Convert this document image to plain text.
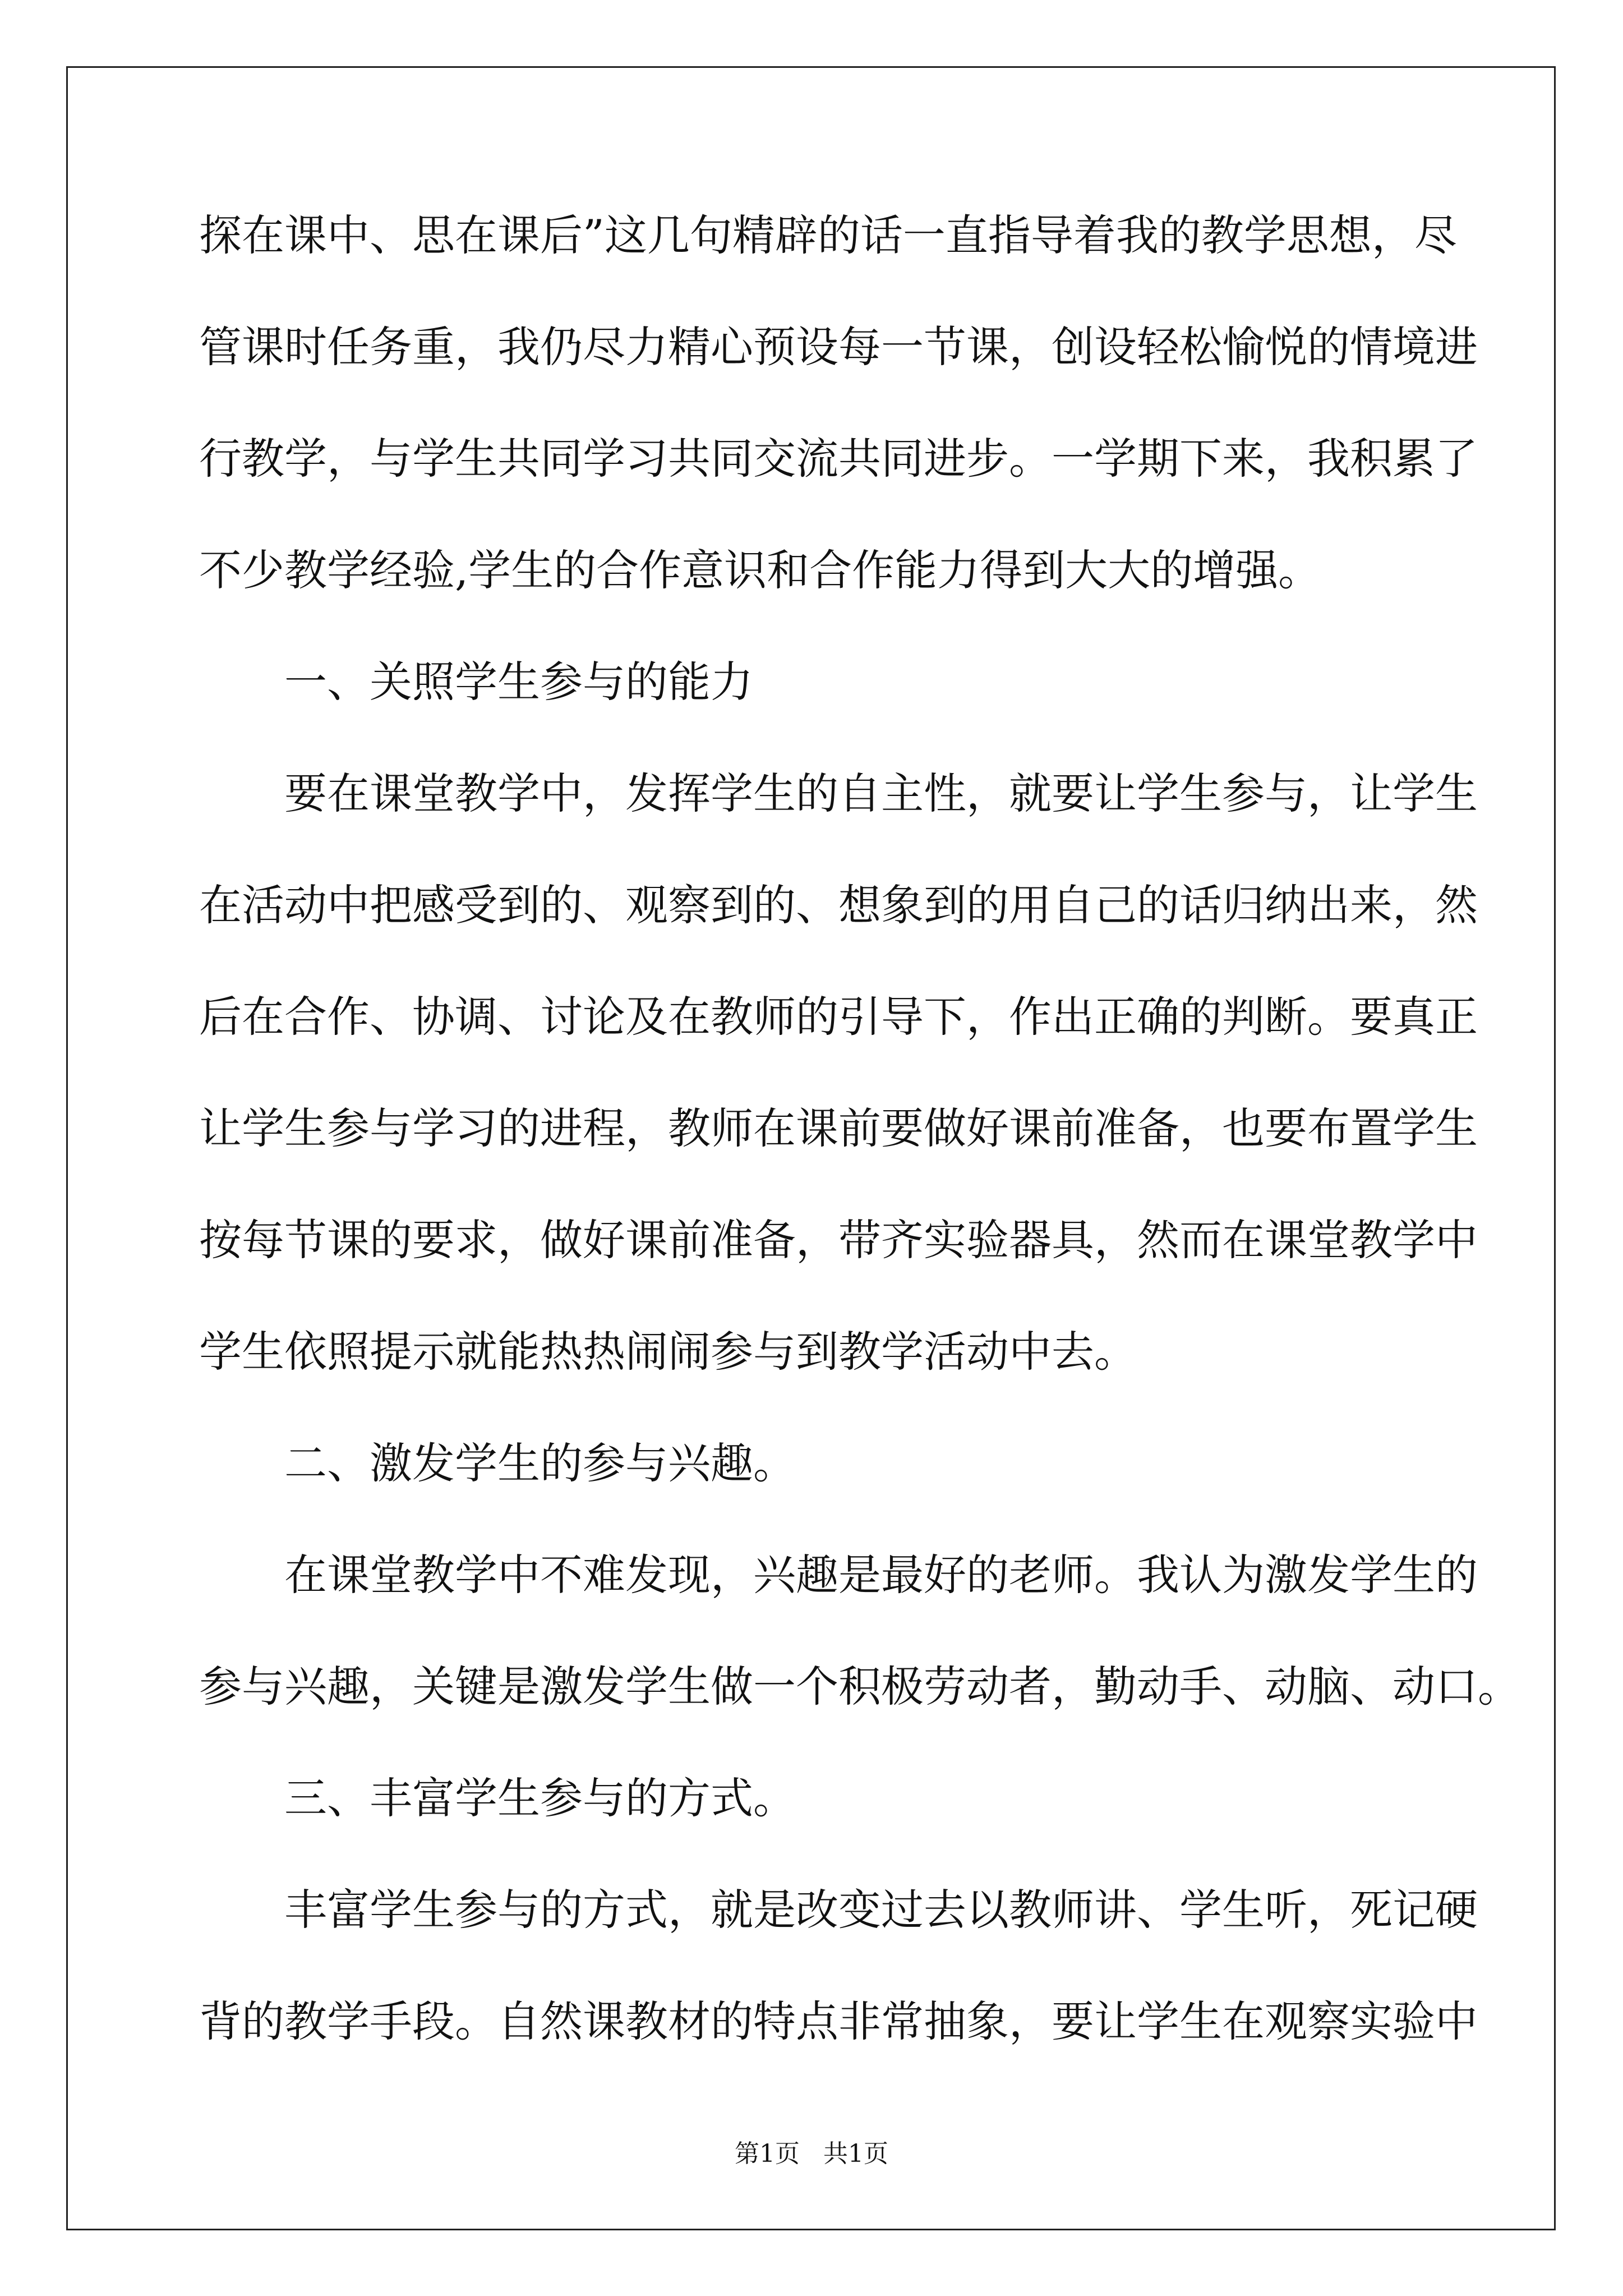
探在课中、思在课后”这几句精辟的话一直指导着我的教学思想，尽
管课时任务重，我仍尽力精心预设每一节课，创设轻松愉悦的情境进
行教学，与学生共同学习共同交流共同进步。一学期下来，我积累了
不少教学经验,学生的合作意识和合作能力得到大大的增强。
一、关照学生参与的能力
要在课堂教学中，发挥学生的自主性，就要让学生参与，让学生
在活动中把感受到的、观察到的、想象到的用自己的话归纳出来，然
后在合作、协调、讨论及在教师的引导下，作出正确的判断。要真正
让学生参与学习的进程，教师在课前要做好课前准备，也要布置学生
按每节课的要求，做好课前准备，带齐实验器具，然而在课堂教学中
学生依照提示就能热热闹闹参与到教学活动中去。
二、激发学生的参与兴趣。
在课堂教学中不难发现，兴趣是最好的老师。我认为激发学生的
参与兴趣，关键是激发学生做一个积极劳动者，勤动手、动脑、动口。
三、丰富学生参与的方式。
丰富学生参与的方式，就是改变过去以教师讲、学生听，死记硬
背的教学手段。自然课教材的特点非常抽象，要让学生在观察实验中
第1页   共1页
